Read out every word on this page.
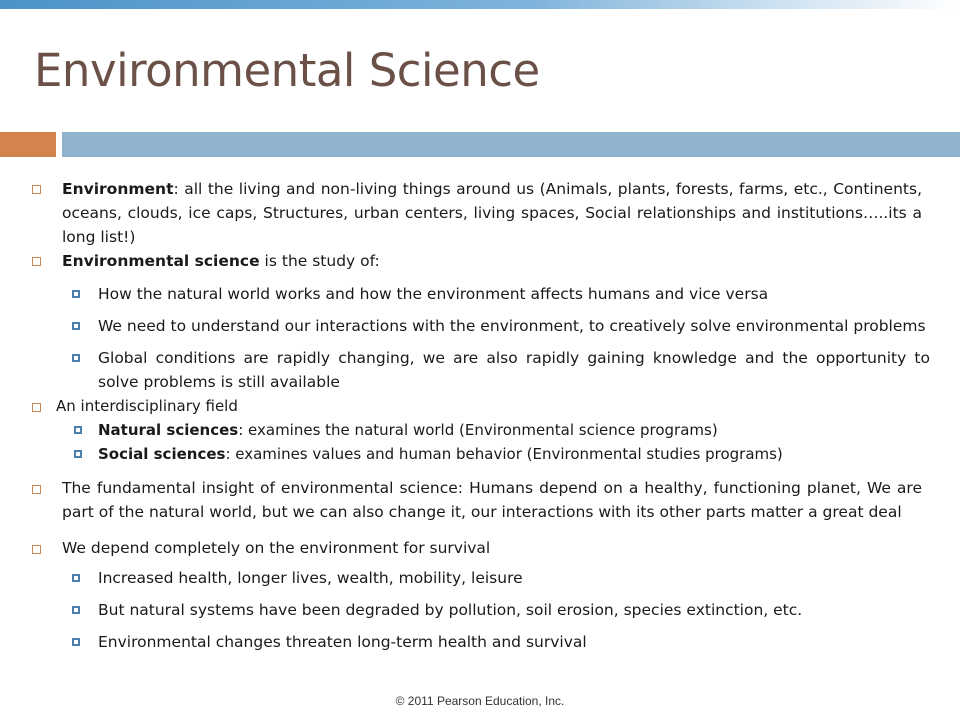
Environmental Science
Environment: all the living and non-living things around us (Animals, plants, forests, farms, etc., Continents, oceans, clouds, ice caps, Structures, urban centers, living spaces, Social relationships and institutions…..its a long list!)
Environmental science is the study of:
How the natural world works and how the environment affects humans and vice versa
We need to understand our interactions with the environment, to creatively solve environmental problems
Global conditions are rapidly changing, we are also rapidly gaining knowledge and the opportunity to solve problems is still available
An interdisciplinary field
Natural sciences: examines the natural world (Environmental science programs)
Social sciences: examines values and human behavior (Environmental studies programs)
The fundamental insight of environmental science: Humans depend on a healthy, functioning planet, We are part of the natural world, but we can also change it, our interactions with its other parts matter a great deal
We depend completely on the environment for survival
Increased health, longer lives, wealth, mobility, leisure
But natural systems have been degraded by pollution, soil erosion, species extinction, etc.
Environmental changes threaten long-term health and survival
© 2011 Pearson Education, Inc.
